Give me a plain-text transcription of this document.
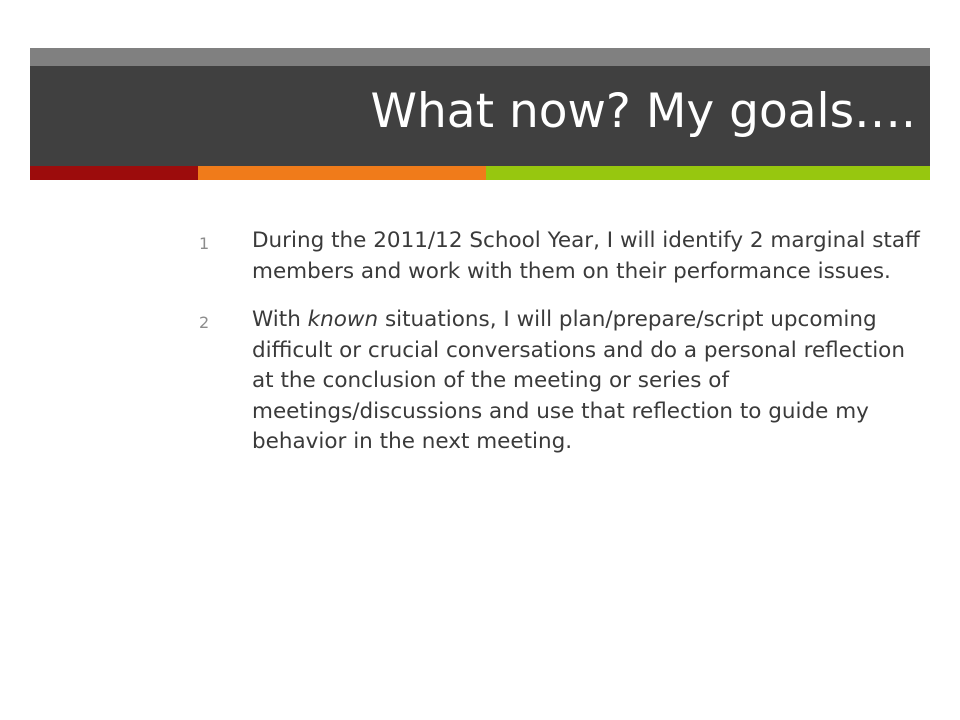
What now? My goals….
1	During the 2011/12 School Year, I will identify 2 marginal staff members and work with them on their performance issues.

2	With known situations, I will plan/prepare/script upcoming difficult or crucial conversations and do a personal reflection at the conclusion of the meeting or series of meetings/discussions and use that reflection to guide my behavior in the next meeting.
